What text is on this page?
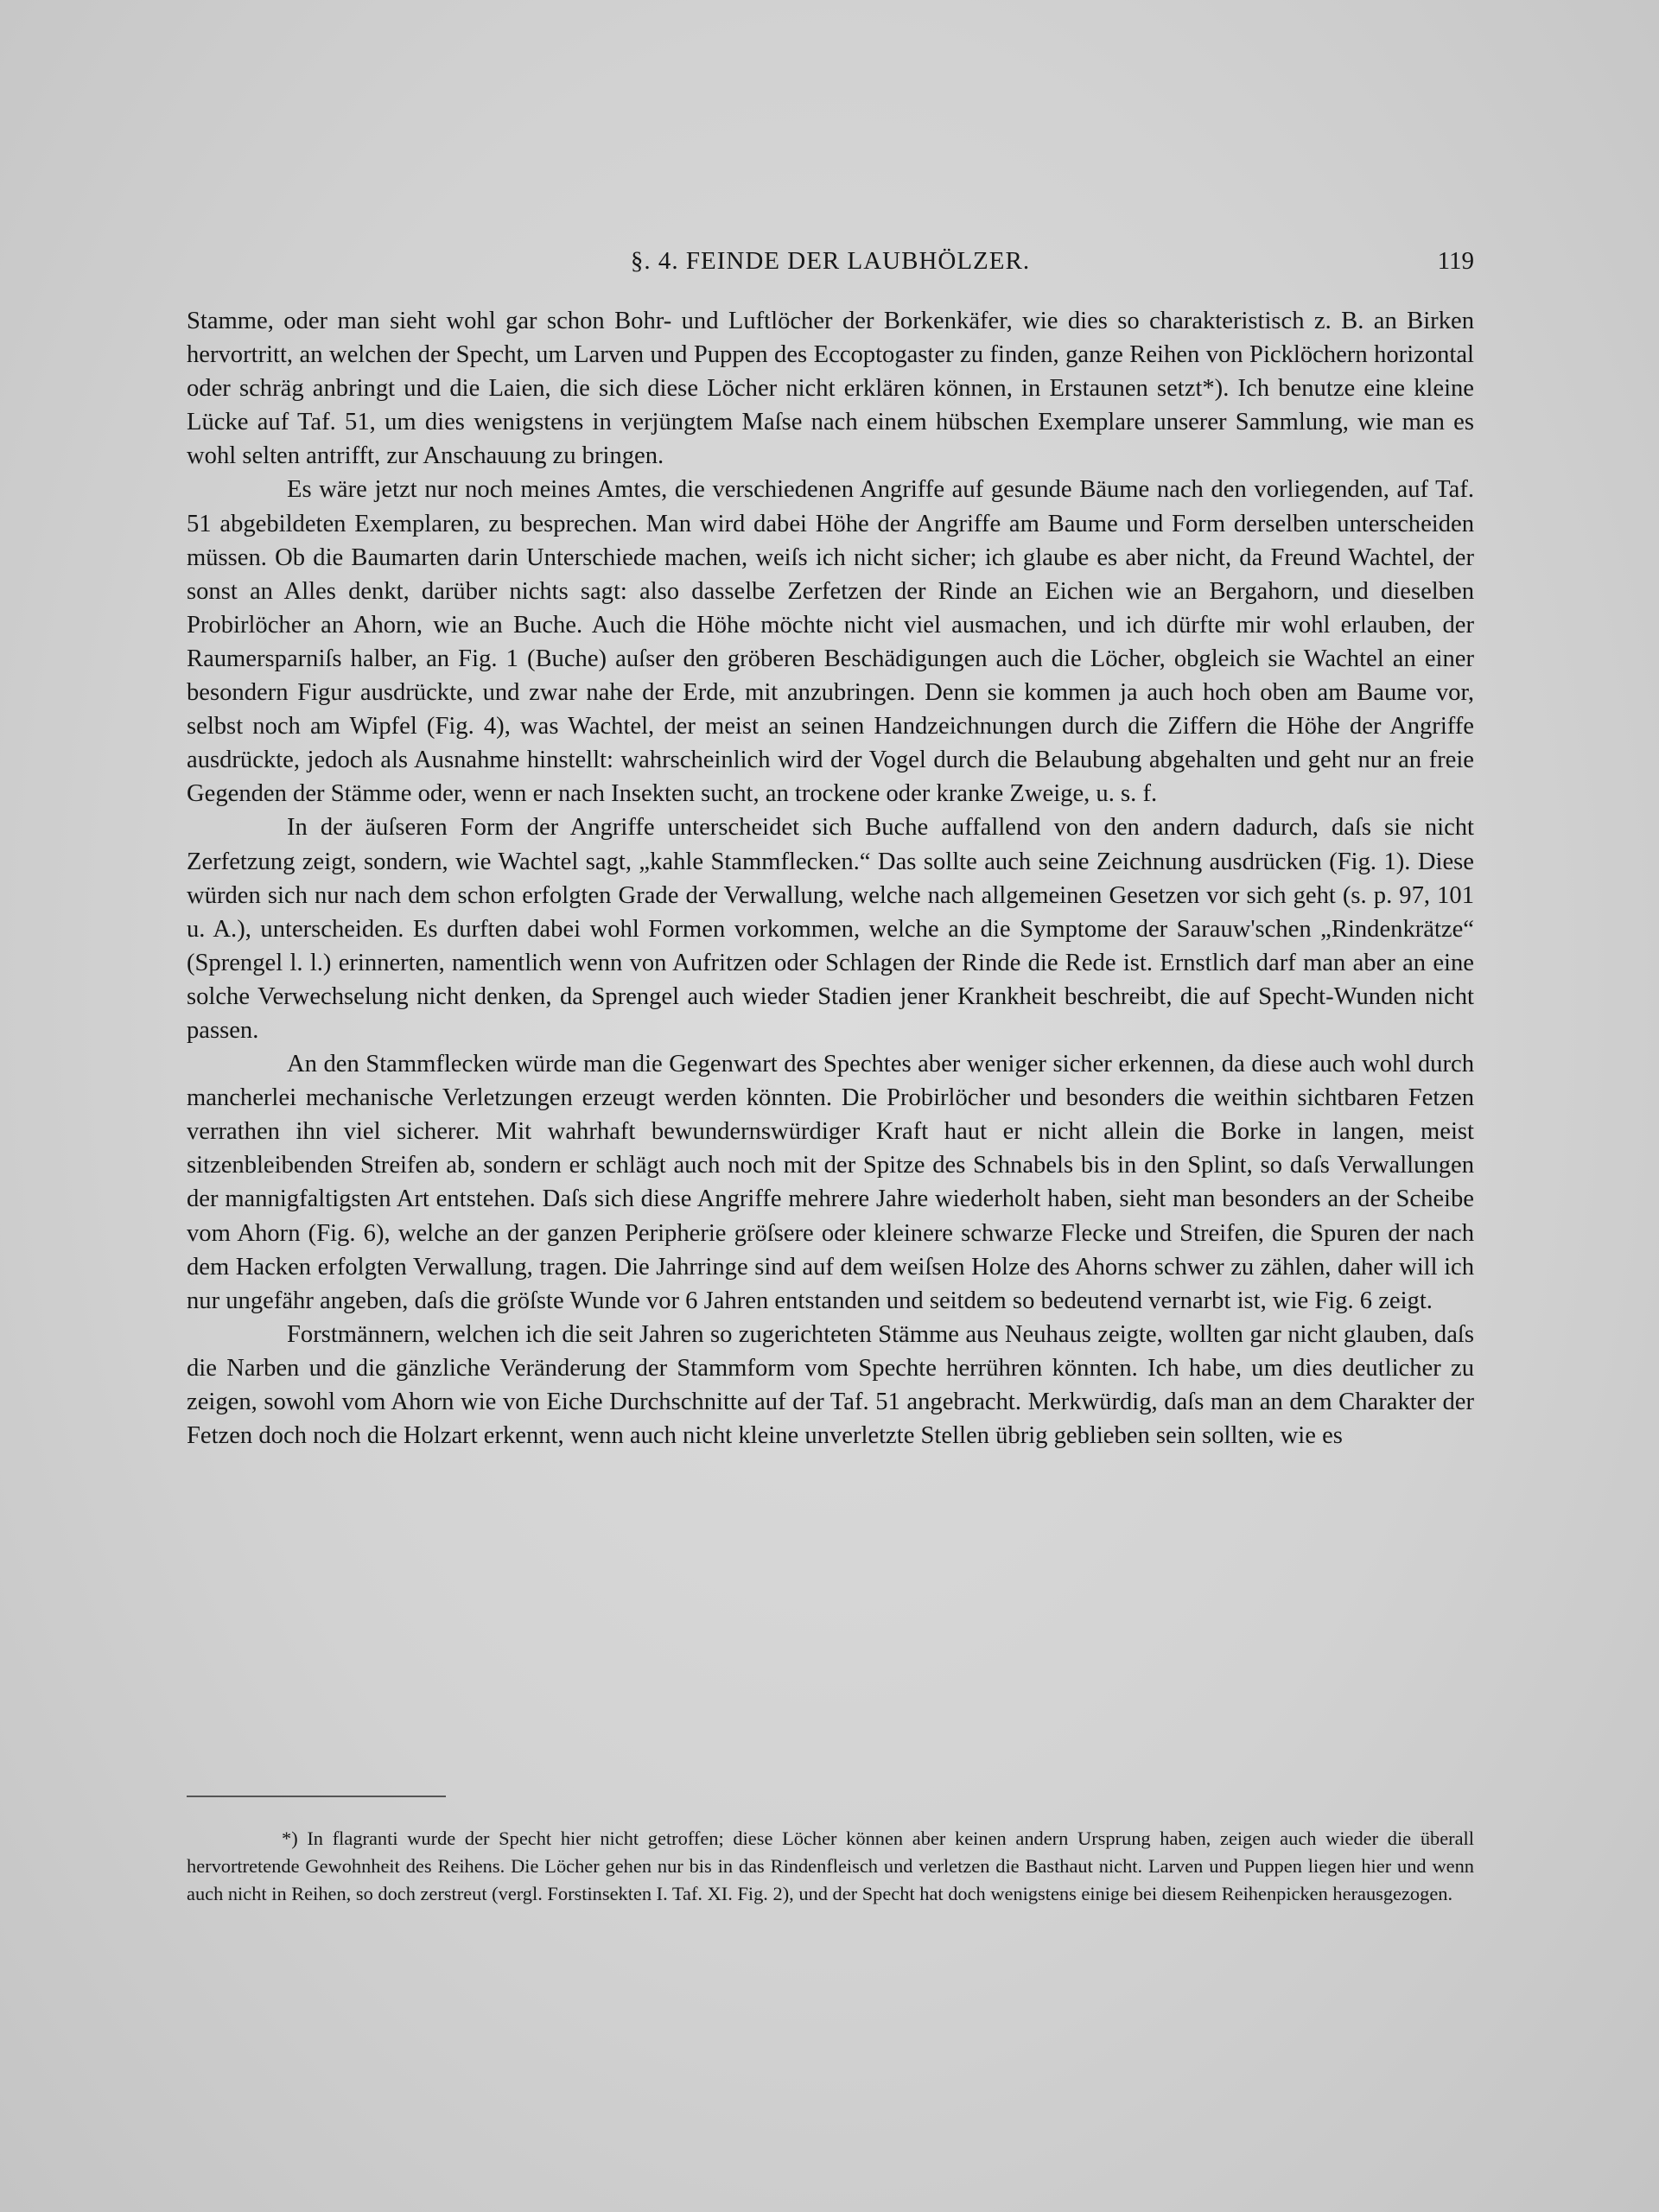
§. 4. FEINDE DER LAUBHÖLZER.	119

Stamme, oder man sieht wohl gar schon Bohr- und Luftlöcher der Borkenkäfer, wie dies so charakteristisch z. B. an Birken hervortritt, an welchen der Specht, um Larven und Puppen des Eccoptogaster zu finden, ganze Reihen von Picklöchern horizontal oder schräg anbringt und die Laien, die sich diese Löcher nicht erklären können, in Erstaunen setzt*). Ich benutze eine kleine Lücke auf Taf. 51, um dies wenigstens in verjüngtem Maſse nach einem hübschen Exemplare unserer Sammlung, wie man es wohl selten antrifft, zur Anschauung zu bringen.

Es wäre jetzt nur noch meines Amtes, die verschiedenen Angriffe auf gesunde Bäume nach den vorliegenden, auf Taf. 51 abgebildeten Exemplaren, zu besprechen. Man wird dabei Höhe der Angriffe am Baume und Form derselben unterscheiden müssen. Ob die Baumarten darin Unterschiede machen, weiſs ich nicht sicher; ich glaube es aber nicht, da Freund Wachtel, der sonst an Alles denkt, darüber nichts sagt: also dasselbe Zerfetzen der Rinde an Eichen wie an Bergahorn, und dieselben Probirlöcher an Ahorn, wie an Buche. Auch die Höhe möchte nicht viel ausmachen, und ich dürfte mir wohl erlauben, der Raumersparniſs halber, an Fig. 1 (Buche) auſser den gröberen Beschädigungen auch die Löcher, obgleich sie Wachtel an einer besondern Figur ausdrückte, und zwar nahe der Erde, mit anzubringen. Denn sie kommen ja auch hoch oben am Baume vor, selbst noch am Wipfel (Fig. 4), was Wachtel, der meist an seinen Handzeichnungen durch die Ziffern die Höhe der Angriffe ausdrückte, jedoch als Ausnahme hinstellt: wahrscheinlich wird der Vogel durch die Belaubung abgehalten und geht nur an freie Gegenden der Stämme oder, wenn er nach Insekten sucht, an trockene oder kranke Zweige, u. s. f.

In der äuſseren Form der Angriffe unterscheidet sich Buche auffallend von den andern dadurch, daſs sie nicht Zerfetzung zeigt, sondern, wie Wachtel sagt, „kahle Stammflecken.“ Das sollte auch seine Zeichnung ausdrücken (Fig. 1). Diese würden sich nur nach dem schon erfolgten Grade der Verwallung, welche nach allgemeinen Gesetzen vor sich geht (s. p. 97, 101 u. A.), unterscheiden. Es durften dabei wohl Formen vorkommen, welche an die Symptome der Sarauw'schen „Rindenkrätze“ (Sprengel l. l.) erinnerten, namentlich wenn von Aufritzen oder Schlagen der Rinde die Rede ist. Ernstlich darf man aber an eine solche Verwechselung nicht denken, da Sprengel auch wieder Stadien jener Krankheit beschreibt, die auf Specht-Wunden nicht passen.

An den Stammflecken würde man die Gegenwart des Spechtes aber weniger sicher erkennen, da diese auch wohl durch mancherlei mechanische Verletzungen erzeugt werden könnten. Die Probirlöcher und besonders die weithin sichtbaren Fetzen verrathen ihn viel sicherer. Mit wahrhaft bewundernswürdiger Kraft haut er nicht allein die Borke in langen, meist sitzenbleibenden Streifen ab, sondern er schlägt auch noch mit der Spitze des Schnabels bis in den Splint, so daſs Verwallungen der mannigfaltigsten Art entstehen. Daſs sich diese Angriffe mehrere Jahre wiederholt haben, sieht man besonders an der Scheibe vom Ahorn (Fig. 6), welche an der ganzen Peripherie gröſsere oder kleinere schwarze Flecke und Streifen, die Spuren der nach dem Hacken erfolgten Verwallung, tragen. Die Jahrringe sind auf dem weiſsen Holze des Ahorns schwer zu zählen, daher will ich nur ungefähr angeben, daſs die gröſste Wunde vor 6 Jahren entstanden und seitdem so bedeutend vernarbt ist, wie Fig. 6 zeigt.

Forstmännern, welchen ich die seit Jahren so zugerichteten Stämme aus Neuhaus zeigte, wollten gar nicht glauben, daſs die Narben und die gänzliche Veränderung der Stammform vom Spechte herrühren könnten. Ich habe, um dies deutlicher zu zeigen, sowohl vom Ahorn wie von Eiche Durchschnitte auf der Taf. 51 angebracht. Merkwürdig, daſs man an dem Charakter der Fetzen doch noch die Holzart erkennt, wenn auch nicht kleine unverletzte Stellen übrig geblieben sein sollten, wie es

*) In flagranti wurde der Specht hier nicht getroffen; diese Löcher können aber keinen andern Ursprung haben, zeigen auch wieder die überall hervortretende Gewohnheit des Reihens. Die Löcher gehen nur bis in das Rindenfleisch und verletzen die Basthaut nicht. Larven und Puppen liegen hier und wenn auch nicht in Reihen, so doch zerstreut (vergl. Forstinsekten I. Taf. XI. Fig. 2), und der Specht hat doch wenigstens einige bei diesem Reihenpicken herausgezogen.
